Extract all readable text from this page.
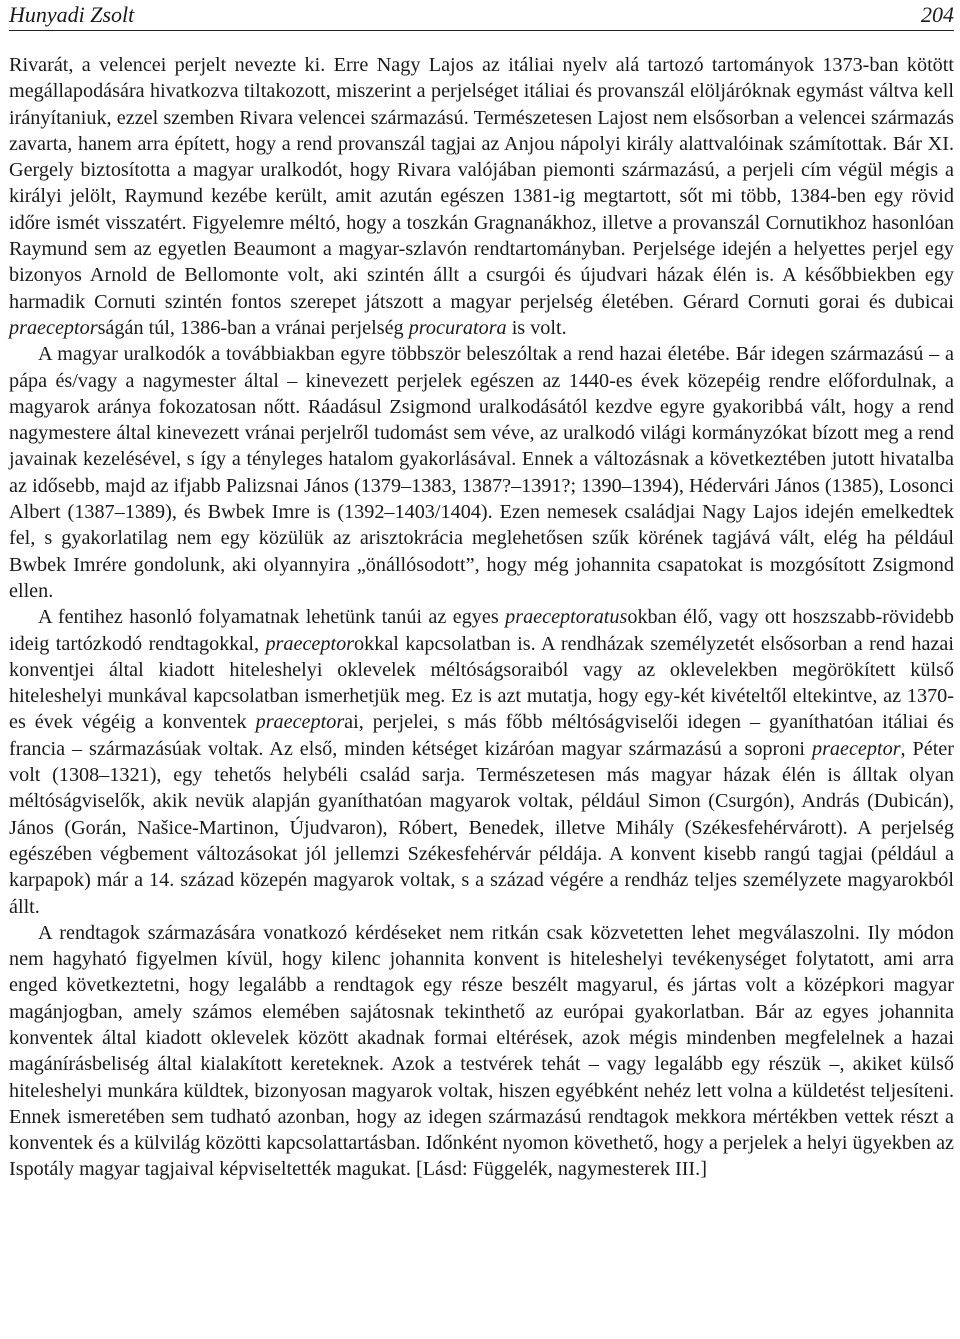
Hunyadi Zsolt	204

Rivarát, a velencei perjelt nevezte ki. Erre Nagy Lajos az itáliai nyelv alá tartozó tartományok 1373-ban kötött megállapodására hivatkozva tiltakozott, miszerint a perjelséget itáliai és provanszál elöljáróknak egymást váltva kell irányítaniuk, ezzel szemben Rivara velencei származású. Természetesen Lajost nem elsősorban a velencei származás zavarta, hanem arra épített, hogy a rend provanszál tagjai az Anjou nápolyi király alattvalóinak számítottak. Bár XI. Gergely biztosította a magyar uralkodót, hogy Rivara valójában piemonti származású, a perjeli cím végül mégis a királyi jelölt, Raymund kezébe került, amit azután egészen 1381-ig megtartott, sőt mi több, 1384-ben egy rövid időre ismét visszatért. Figyelemre méltó, hogy a toszkán Gragnanákhoz, illetve a provanszál Cornutikhoz hasonlóan Raymund sem az egyetlen Beaumont a magyar-szlavón rendtartományban. Perjelsége idején a helyettes perjel egy bizonyos Arnold de Bellomonte volt, aki szintén állt a csurgói és újudvari házak élén is. A későbbiekben egy harmadik Cornuti szintén fontos szerepet játszott a magyar perjelség életében. Gérard Cornuti gorai és dubicai praeceptorságán túl, 1386-ban a vránai perjelség procuratora is volt.

A magyar uralkodók a továbbiakban egyre többször beleszóltak a rend hazai életébe. Bár idegen származású – a pápa és/vagy a nagymester által – kinevezett perjelek egészen az 1440-es évek közepéig rendre előfordulnak, a magyarok aránya fokozatosan nőtt. Ráadásul Zsigmond uralkodásától kezdve egyre gyakoribbá vált, hogy a rend nagymestere által kinevezett vránai perjelről tudomást sem véve, az uralkodó világi kormányzókat bízott meg a rend javainak kezelésével, s így a tényleges hatalom gyakorlásával. Ennek a változásnak a következtében jutott hivatalba az idősebb, majd az ifjabb Palizsnai János (1379–1383, 1387?–1391?; 1390–1394), Hédervári János (1385), Losonci Albert (1387–1389), és Bwbek Imre is (1392–1403/1404). Ezen nemesek családjai Nagy Lajos idején emelkedtek fel, s gyakorlatilag nem egy közülük az arisztokrácia meglehetősen szűk körének tagjává vált, elég ha például Bwbek Imrére gondolunk, aki olyannyira „önállósodott”, hogy még johannita csapatokat is mozgósított Zsigmond ellen.

A fentihez hasonló folyamatnak lehetünk tanúi az egyes praeceptoratusokban élő, vagy ott hoszszabb-rövidebb ideig tartózkodó rendtagokkal, praeceptorokkal kapcsolatban is. A rendházak személyzetét elsősorban a rend hazai konventjei által kiadott hiteleshelyi oklevelek méltóságsoraiból vagy az oklevelekben megörökített külső hiteleshelyi munkával kapcsolatban ismerhetjük meg. Ez is azt mutatja, hogy egy-két kivételtől eltekintve, az 1370-es évek végéig a konventek praeceptorai, perjelei, s más főbb méltóságviselői idegen – gyaníthatóan itáliai és francia – származásúak voltak. Az első, minden kétséget kizáróan magyar származású a soproni praeceptor, Péter volt (1308–1321), egy tehetős helybéli család sarja. Természetesen más magyar házak élén is álltak olyan méltóságviselők, akik nevük alapján gyaníthatóan magyarok voltak, például Simon (Csurgón), András (Dubicán), János (Gorán, Našice-Martinon, Újudvaron), Róbert, Benedek, illetve Mihály (Székesfehérvárott). A perjelség egészében végbement változásokat jól jellemzi Székesfehérvár példája. A konvent kisebb rangú tagjai (például a karpapok) már a 14. század közepén magyarok voltak, s a század végére a rendház teljes személyzete magyarokból állt.

A rendtagok származására vonatkozó kérdéseket nem ritkán csak közvetetten lehet megválaszolni. Ily módon nem hagyható figyelmen kívül, hogy kilenc johannita konvent is hiteleshelyi tevékenységet folytatott, ami arra enged következtetni, hogy legalább a rendtagok egy része beszélt magyarul, és jártas volt a középkori magyar magánjogban, amely számos elemében sajátosnak tekinthető az európai gyakorlatban. Bár az egyes johannita konventek által kiadott oklevelek között akadnak formai eltérések, azok mégis mindenben megfelelnek a hazai magánírásbeliség által kialakított kereteknek. Azok a testvérek tehát – vagy legalább egy részük –, akiket külső hiteleshelyi munkára küldtek, bizonyosan magyarok voltak, hiszen egyébként nehéz lett volna a küldetést teljesíteni. Ennek ismeretében sem tudható azonban, hogy az idegen származású rendtagok mekkora mértékben vettek részt a konventek és a külvilág közötti kapcsolattartásban. Időnként nyomon követhető, hogy a perjelek a helyi ügyekben az Ispotály magyar tagjaival képviseltették magukat. [Lásd: Függelék, nagymesterek III.]
